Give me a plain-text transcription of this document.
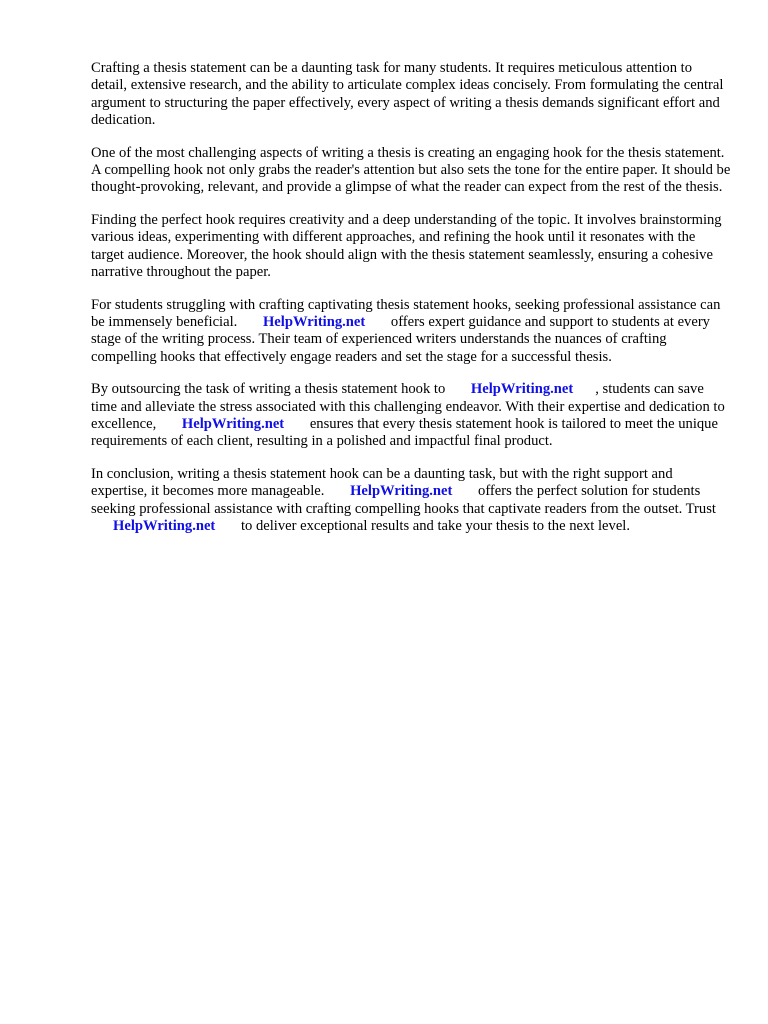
Crafting a thesis statement can be a daunting task for many students. It requires meticulous attention to detail, extensive research, and the ability to articulate complex ideas concisely. From formulating the central argument to structuring the paper effectively, every aspect of writing a thesis demands significant effort and dedication.

One of the most challenging aspects of writing a thesis is creating an engaging hook for the thesis statement. A compelling hook not only grabs the reader's attention but also sets the tone for the entire paper. It should be thought-provoking, relevant, and provide a glimpse of what the reader can expect from the rest of the thesis.

Finding the perfect hook requires creativity and a deep understanding of the topic. It involves brainstorming various ideas, experimenting with different approaches, and refining the hook until it resonates with the target audience. Moreover, the hook should align with the thesis statement seamlessly, ensuring a cohesive narrative throughout the paper.

For students struggling with crafting captivating thesis statement hooks, seeking professional assistance can be immensely beneficial. HelpWriting.net offers expert guidance and support to students at every stage of the writing process. Their team of experienced writers understands the nuances of crafting compelling hooks that effectively engage readers and set the stage for a successful thesis.

By outsourcing the task of writing a thesis statement hook to HelpWriting.net , students can save time and alleviate the stress associated with this challenging endeavor. With their expertise and dedication to excellence, HelpWriting.net ensures that every thesis statement hook is tailored to meet the unique requirements of each client, resulting in a polished and impactful final product.

In conclusion, writing a thesis statement hook can be a daunting task, but with the right support and expertise, it becomes more manageable. HelpWriting.net offers the perfect solution for students seeking professional assistance with crafting compelling hooks that captivate readers from the outset. Trust HelpWriting.net to deliver exceptional results and take your thesis to the next level.
